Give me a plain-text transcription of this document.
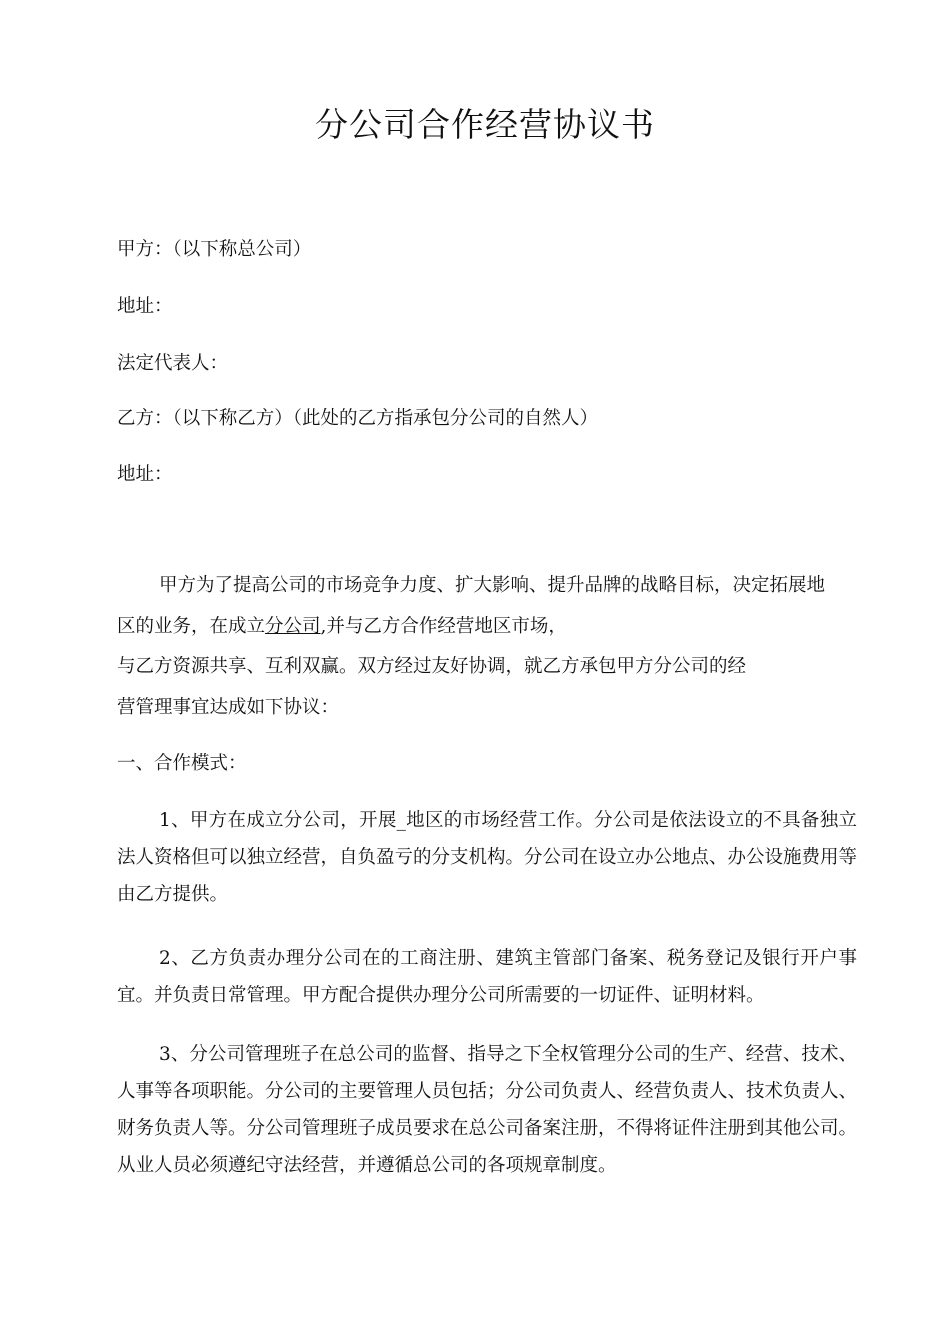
分公司合作经营协议书
甲方：（以下称总公司）
地址：
法定代表人：
乙方：（以下称乙方）（此处的乙方指承包分公司的自然人）
地址：
甲方为了提高公司的市场竞争力度、扩大影响、提升品牌的战略目标，决定拓展地
区的业务，在成立分公司,并与乙方合作经营地区市场，
与乙方资源共享、互利双赢。双方经过友好协调，就乙方承包甲方分公司的经
营管理事宜达成如下协议：
一、合作模式：
1、甲方在成立分公司，开展_地区的市场经营工作。分公司是依法设立的不具备独立法人资格但可以独立经营，自负盈亏的分支机构。分公司在设立办公地点、办公设施费用等由乙方提供。
2、乙方负责办理分公司在的工商注册、建筑主管部门备案、税务登记及银行开户事宜。并负责日常管理。甲方配合提供办理分公司所需要的一切证件、证明材料。
3、分公司管理班子在总公司的监督、指导之下全权管理分公司的生产、经营、技术、人事等各项职能。分公司的主要管理人员包括；分公司负责人、经营负责人、技术负责人、财务负责人等。分公司管理班子成员要求在总公司备案注册，不得将证件注册到其他公司。从业人员必须遵纪守法经营，并遵循总公司的各项规章制度。
